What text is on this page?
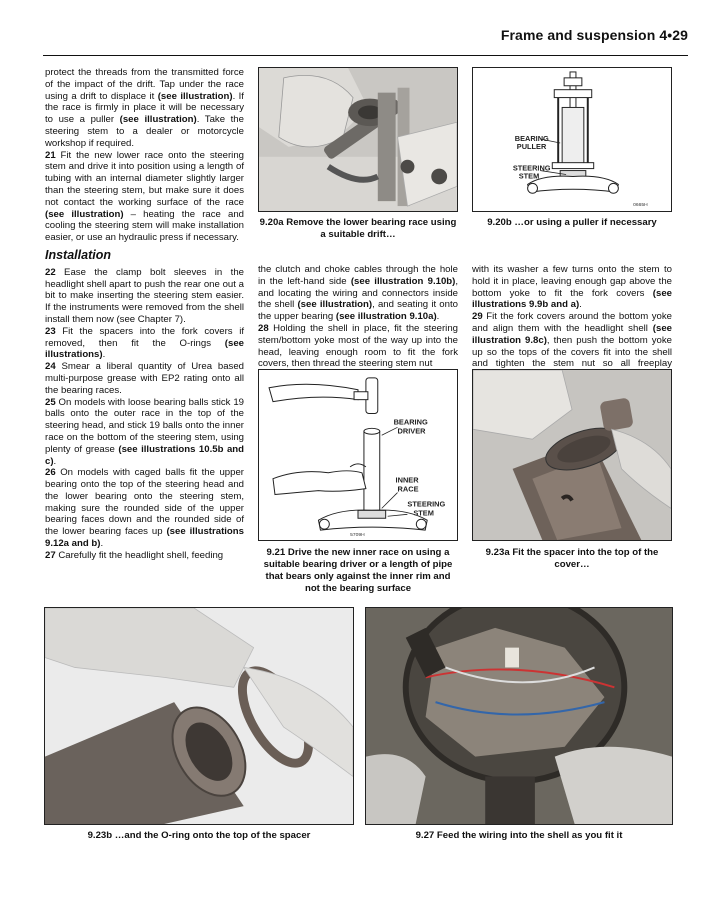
Frame and suspension 4•29

protect the threads from the transmitted force of the impact of the drift. Tap under the race using a drift to displace it (see illustration). If the race is firmly in place it will be necessary to use a puller (see illustration). Take the steering stem to a dealer or motorcycle workshop if required.

21 Fit the new lower race onto the steering stem and drive it into position using a length of tubing with an internal diameter slightly larger than the steering stem, but make sure it does not contact the working surface of the race (see illustration) – heating the race and cooling the steering stem will make installation easier, or use an hydraulic press if necessary.

Installation

22 Ease the clamp bolt sleeves in the headlight shell apart to push the rear one out a bit to make inserting the steering stem easier. If the instruments were removed from the shell install them now (see Chapter 7).

23 Fit the spacers into the fork covers if removed, then fit the O-rings (see illustrations).

24 Smear a liberal quantity of Urea based multi-purpose grease with EP2 rating onto all the bearing races.

25 On models with loose bearing balls stick 19 balls onto the outer race in the top of the steering head, and stick 19 balls onto the inner race on the bottom of the steering stem, using plenty of grease (see illustrations 10.5b and c).

26 On models with caged balls fit the upper bearing onto the top of the steering head and the lower bearing onto the steering stem, making sure the rounded side of the upper bearing faces down and the rounded side of the lower bearing faces up (see illustrations 9.12a and b).

27 Carefully fit the headlight shell, feeding

9.20a Remove the lower bearing race using a suitable drift…
BEARING
PULLER
STEERING
STEM
0665H
9.20b …or using a puller if necessary

the clutch and choke cables through the hole in the left-hand side (see illustration 9.10b), and locating the wiring and connectors inside the shell (see illustration), and seating it onto the upper bearing (see illustration 9.10a).

28 Holding the shell in place, fit the steering stem/bottom yoke most of the way up into the head, leaving enough room to fit the fork covers, then thread the steering stem nut

with its washer a few turns onto the stem to hold it in place, leaving enough gap above the bottom yoke to fit the fork covers (see illustrations 9.9b and a).

29 Fit the fork covers around the bottom yoke and align them with the headlight shell (see illustration 9.8c), then push the bottom yoke up so the tops of the covers fit into the shell and tighten the stem nut so all freeplay

BEARING
DRIVER
INNER
RACE
STEERING
STEM
5709H
9.21 Drive the new inner race on using a suitable bearing driver or a length of pipe that bears only against the inner rim and not the bearing surface
9.23a Fit the spacer into the top of the cover…
9.23b …and the O-ring onto the top of the spacer	9.27 Feed the wiring into the shell as you fit it
